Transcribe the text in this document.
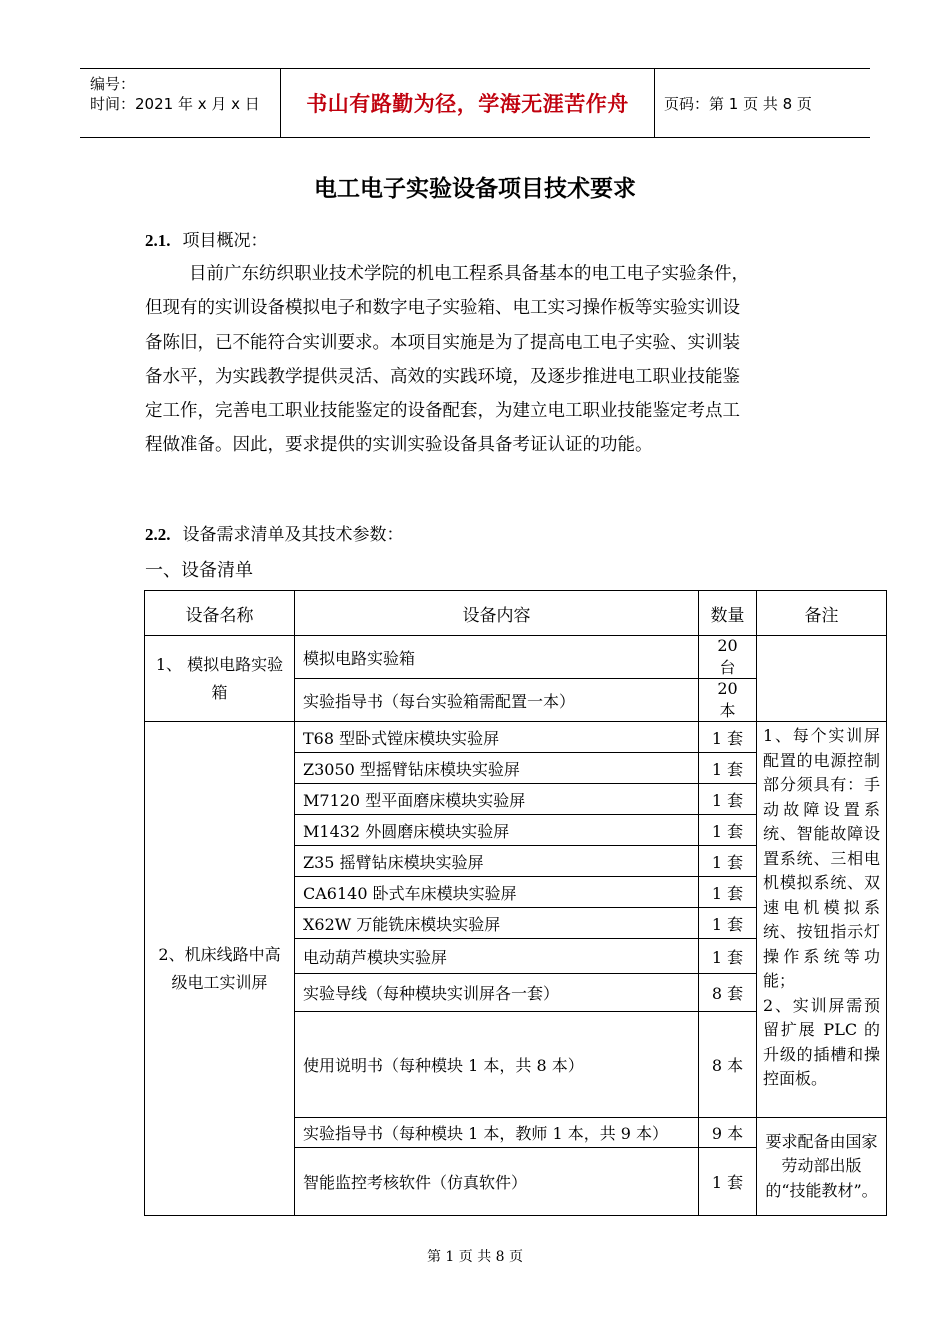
编号：
时间：2021 年 x 月 x 日 书山有路勤为径，学海无涯苦作舟 页码：第 1 页 共 8 页
电工电子实验设备项目技术要求
2.1. 项目概况：
目前广东纺织职业技术学院的机电工程系具备基本的电工电子实验条件，
但现有的实训设备模拟电子和数字电子实验箱、电工实习操作板等实验实训设
备陈旧，已不能符合实训要求。本项目实施是为了提高电工电子实验、实训装
备水平，为实践教学提供灵活、高效的实践环境，及逐步推进电工职业技能鉴
定工作，完善电工职业技能鉴定的设备配套，为建立电工职业技能鉴定考点工
程做准备。因此，要求提供的实训实验设备具备考证认证的功能。
2.2. 设备需求清单及其技术参数：
一、设备清单
设备名称	设备内容	数量	备注
1、 模拟电路实验箱	模拟电路实验箱	20 台	
	实验指导书（每台实验箱需配置一本）	20 本	
2、机床线路中高级电工实训屏	T68 型卧式镗床模块实验屏	1 套	1、每个实训屏配置的电源控制部分须具有：手动故障设置系统、智能故障设置系统、三相电机模拟系统、双速电机模拟系统、按钮指示灯操作系统等功能；
2、实训屏需预留扩展 PLC 的升级的插槽和操控面板。

	Z3050 型摇臂钻床模块实验屏	1 套	
	M7120 型平面磨床模块实验屏	1 套	
	M1432 外圆磨床模块实验屏	1 套	
	Z35 摇臂钻床模块实验屏	1 套	
	CA6140 卧式车床模块实验屏	1 套	
	X62W 万能铣床模块实验屏	1 套	
	电动葫芦模块实验屏	1 套	
	实验导线（每种模块实训屏各一套）	8 套	
	使用说明书（每种模块 1 本，共 8 本）	8 本	
	实验指导书（每种模块 1 本，教师 1 本，共 9 本）	9 本	要求配备由国家劳动部出版的“技能教材”。
	智能监控考核软件（仿真软件）	1 套	
第 1 页 共 8 页
